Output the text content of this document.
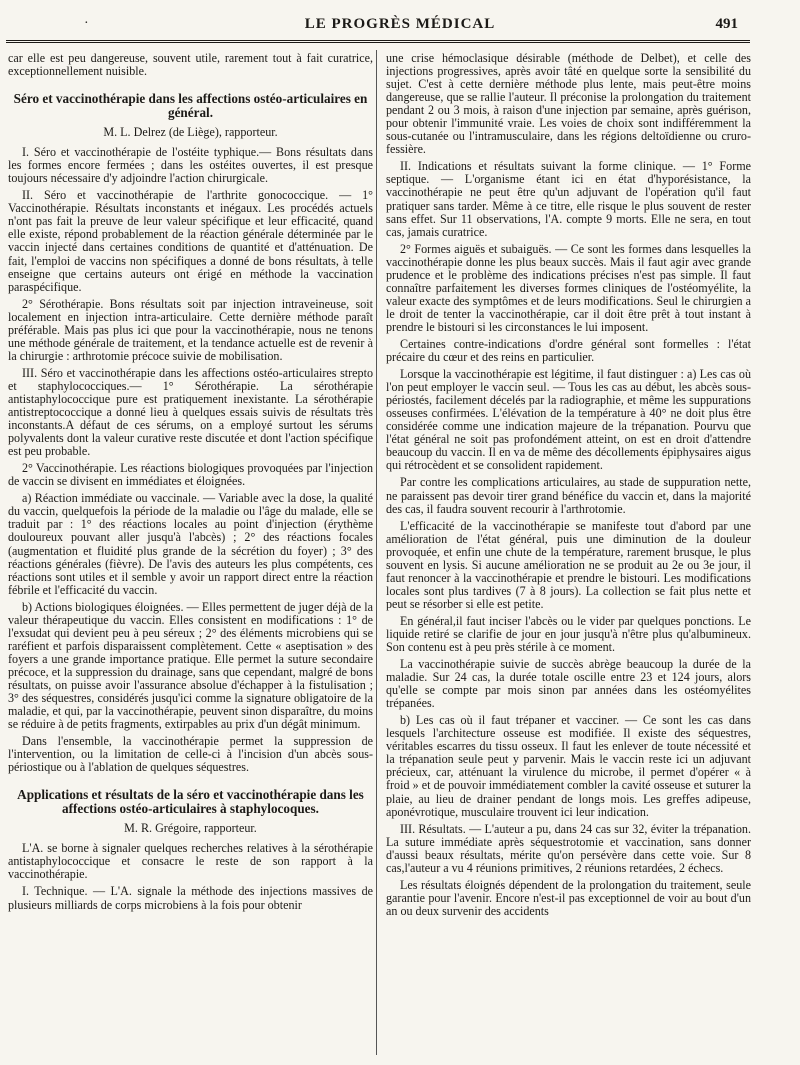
·	LE PROGRÈS MÉDICAL	491

car elle est peu dangereuse, souvent utile, rarement tout à fait curatrice, exceptionnellement nuisible.

Séro et vaccinothérapie dans les affections ostéo-articulaires en général.

M. L. Delrez (de Liège), rapporteur.

I. Séro et vaccinothérapie de l'ostéite typhique.— Bons résultats dans les formes encore fermées ; dans les ostéites ouvertes, il est presque toujours nécessaire d'y adjoindre l'action chirurgicale.

II. Séro et vaccinothérapie de l'arthrite gonococcique. — 1° Vaccinothérapie. Résultats inconstants et inégaux. Les procédés actuels n'ont pas fait la preuve de leur valeur spécifique et leur efficacité, quand elle existe, répond probablement de la réaction générale déterminée par le vaccin injecté dans certaines conditions de quantité et d'atténuation. De fait, l'emploi de vaccins non spécifiques a donné de bons résultats, à telle enseigne que certains auteurs ont érigé en méthode la vaccination paraspécifique.

2° Sérothérapie. Bons résultats soit par injection intraveineuse, soit localement en injection intra-articulaire. Cette dernière méthode paraît préférable. Mais pas plus ici que pour la vaccinothérapie, nous ne tenons une méthode générale de traitement, et la tendance actuelle est de revenir à la chirurgie : arthrotomie précoce suivie de mobilisation.

III. Séro et vaccinothérapie dans les affections ostéo-articulaires strepto et staphylococciques.— 1° Sérothérapie. La sérothérapie antistaphylococcique pure est pratiquement inexistante. La sérothérapie antistreptococcique a donné lieu à quelques essais suivis de résultats très inconstants.A défaut de ces sérums, on a employé surtout les sérums polyvalents dont la valeur curative reste discutée et dont l'action spécifique est peu probable.

2° Vaccinothérapie. Les réactions biologiques provoquées par l'injection de vaccin se divisent en immédiates et éloignées.

a) Réaction immédiate ou vaccinale. — Variable avec la dose, la qualité du vaccin, quelquefois la période de la maladie ou l'âge du malade, elle se traduit par : 1° des réactions locales au point d'injection (érythème douloureux pouvant aller jusqu'à l'abcès) ; 2° des réactions focales (augmentation et fluidité plus grande de la sécrétion du foyer) ; 3° des réactions générales (fièvre). De l'avis des auteurs les plus compétents, ces réactions sont utiles et il semble y avoir un rapport direct entre la réaction fébrile et l'efficacité du vaccin.

b) Actions biologiques éloignées. — Elles permettent de juger déjà de la valeur thérapeutique du vaccin. Elles consistent en modifications : 1° de l'exsudat qui devient peu à peu séreux ; 2° des éléments microbiens qui se raréfient et parfois disparaissent complètement. Cette « aseptisation » des foyers a une grande importance pratique. Elle permet la suture secondaire précoce, et la suppression du drainage, sans que cependant, malgré de bons résultats, on puisse avoir l'assurance absolue d'échapper à la fistulisation ; 3° des séquestres, considérés jusqu'ici comme la signature obligatoire de la maladie, et qui, par la vaccinothérapie, peuvent sinon disparaître, du moins se réduire à de petits fragments, extirpables au prix d'un dégât minimum.

Dans l'ensemble, la vaccinothérapie permet la suppression de l'intervention, ou la limitation de celle-ci à l'incision d'un abcès sous-périostique ou à l'ablation de quelques séquestres.

Applications et résultats de la séro et vaccinothérapie dans les affections ostéo-articulaires à staphylocoques.

M. R. Grégoire, rapporteur.

L'A. se borne à signaler quelques recherches relatives à la sérothérapie antistaphylococcique et consacre le reste de son rapport à la vaccinothérapie.

I. Technique. — L'A. signale la méthode des injections massives de plusieurs milliards de corps microbiens à la fois pour obtenir

une crise hémoclasique désirable (méthode de Delbet), et celle des injections progressives, après avoir tâté en quelque sorte la sensibilité du sujet. C'est à cette dernière méthode plus lente, mais peut-être moins dangereuse, que se rallie l'auteur. Il préconise la prolongation du traitement pendant 2 ou 3 mois, à raison d'une injection par semaine, après guérison, pour obtenir l'immunité vraie. Les voies de choix sont indifféremment la sous-cutanée ou l'intramusculaire, dans les régions deltoïdienne ou cruro-fessière.

II. Indications et résultats suivant la forme clinique. — 1° Forme septique. — L'organisme étant ici en état d'hyporésistance, la vaccinothérapie ne peut être qu'un adjuvant de l'opération qu'il faut pratiquer sans tarder. Même à ce titre, elle risque le plus souvent de rester sans effet. Sur 11 observations, l'A. compte 9 morts. Elle ne sera, en tout cas, jamais curatrice.

2° Formes aiguës et subaiguës. — Ce sont les formes dans lesquelles la vaccinothérapie donne les plus beaux succès. Mais il faut agir avec grande prudence et le problème des indications précises n'est pas simple. Il faut connaître parfaitement les diverses formes cliniques de l'ostéomyélite, la valeur exacte des symptômes et de leurs modifications. Seul le chirurgien a le droit de tenter la vaccinothérapie, car il doit être prêt à tout instant à prendre le bistouri si les circonstances le lui imposent.

Certaines contre-indications d'ordre général sont formelles : l'état précaire du cœur et des reins en particulier.

Lorsque la vaccinothérapie est légitime, il faut distinguer : a) Les cas où l'on peut employer le vaccin seul. — Tous les cas au début, les abcès sous-périostés, facilement décelés par la radiographie, et même les suppurations osseuses confirmées. L'élévation de la température à 40° ne doit plus être considérée comme une indication majeure de la trépanation. Pourvu que l'état général ne soit pas profondément atteint, on est en droit d'attendre beaucoup du vaccin. Il en va de même des décollements épiphysaires aigus qui rétrocèdent et se consolident rapidement.

Par contre les complications articulaires, au stade de suppuration nette, ne paraissent pas devoir tirer grand bénéfice du vaccin et, dans la majorité des cas, il faudra souvent recourir à l'arthrotomie.

L'efficacité de la vaccinothérapie se manifeste tout d'abord par une amélioration de l'état général, puis une diminution de la douleur provoquée, et enfin une chute de la température, rarement brusque, le plus souvent en lysis. Si aucune amélioration ne se produit au 2e ou 3e jour, il faut renoncer à la vaccinothérapie et prendre le bistouri. Les modifications locales sont plus tardives (7 à 8 jours). La collection se fait plus nette et peut se résorber si elle est petite.

En général,il faut inciser l'abcès ou le vider par quelques ponctions. Le liquide retiré se clarifie de jour en jour jusqu'à n'être plus qu'albumineux. Son contenu est à peu près stérile à ce moment.

La vaccinothérapie suivie de succès abrège beaucoup la durée de la maladie. Sur 24 cas, la durée totale oscille entre 23 et 124 jours, alors qu'elle se compte par mois sinon par années dans les ostéomyélites trépanées.

b) Les cas où il faut trépaner et vacciner. — Ce sont les cas dans lesquels l'architecture osseuse est modifiée. Il existe des séquestres, véritables escarres du tissu osseux. Il faut les enlever de toute nécessité et la trépanation seule peut y parvenir. Mais le vaccin reste ici un adjuvant précieux, car, atténuant la virulence du microbe, il permet d'opérer « à froid » et de pouvoir immédiatement combler la cavité osseuse et suturer la plaie, au lieu de drainer pendant de longs mois. Les greffes adipeuse, aponévrotique, musculaire trouvent ici leur indication.

III. Résultats. — L'auteur a pu, dans 24 cas sur 32, éviter la trépanation. La suture immédiate après séquestrotomie et vaccination, sans donner d'aussi beaux résultats, mérite qu'on persévère dans cette voie. Sur 8 cas,l'auteur a vu 4 réunions primitives, 2 réunions retardées, 2 échecs.

Les résultats éloignés dépendent de la prolongation du traitement, seule garantie pour l'avenir. Encore n'est-il pas exceptionnel de voir au bout d'un an ou deux survenir des accidents
